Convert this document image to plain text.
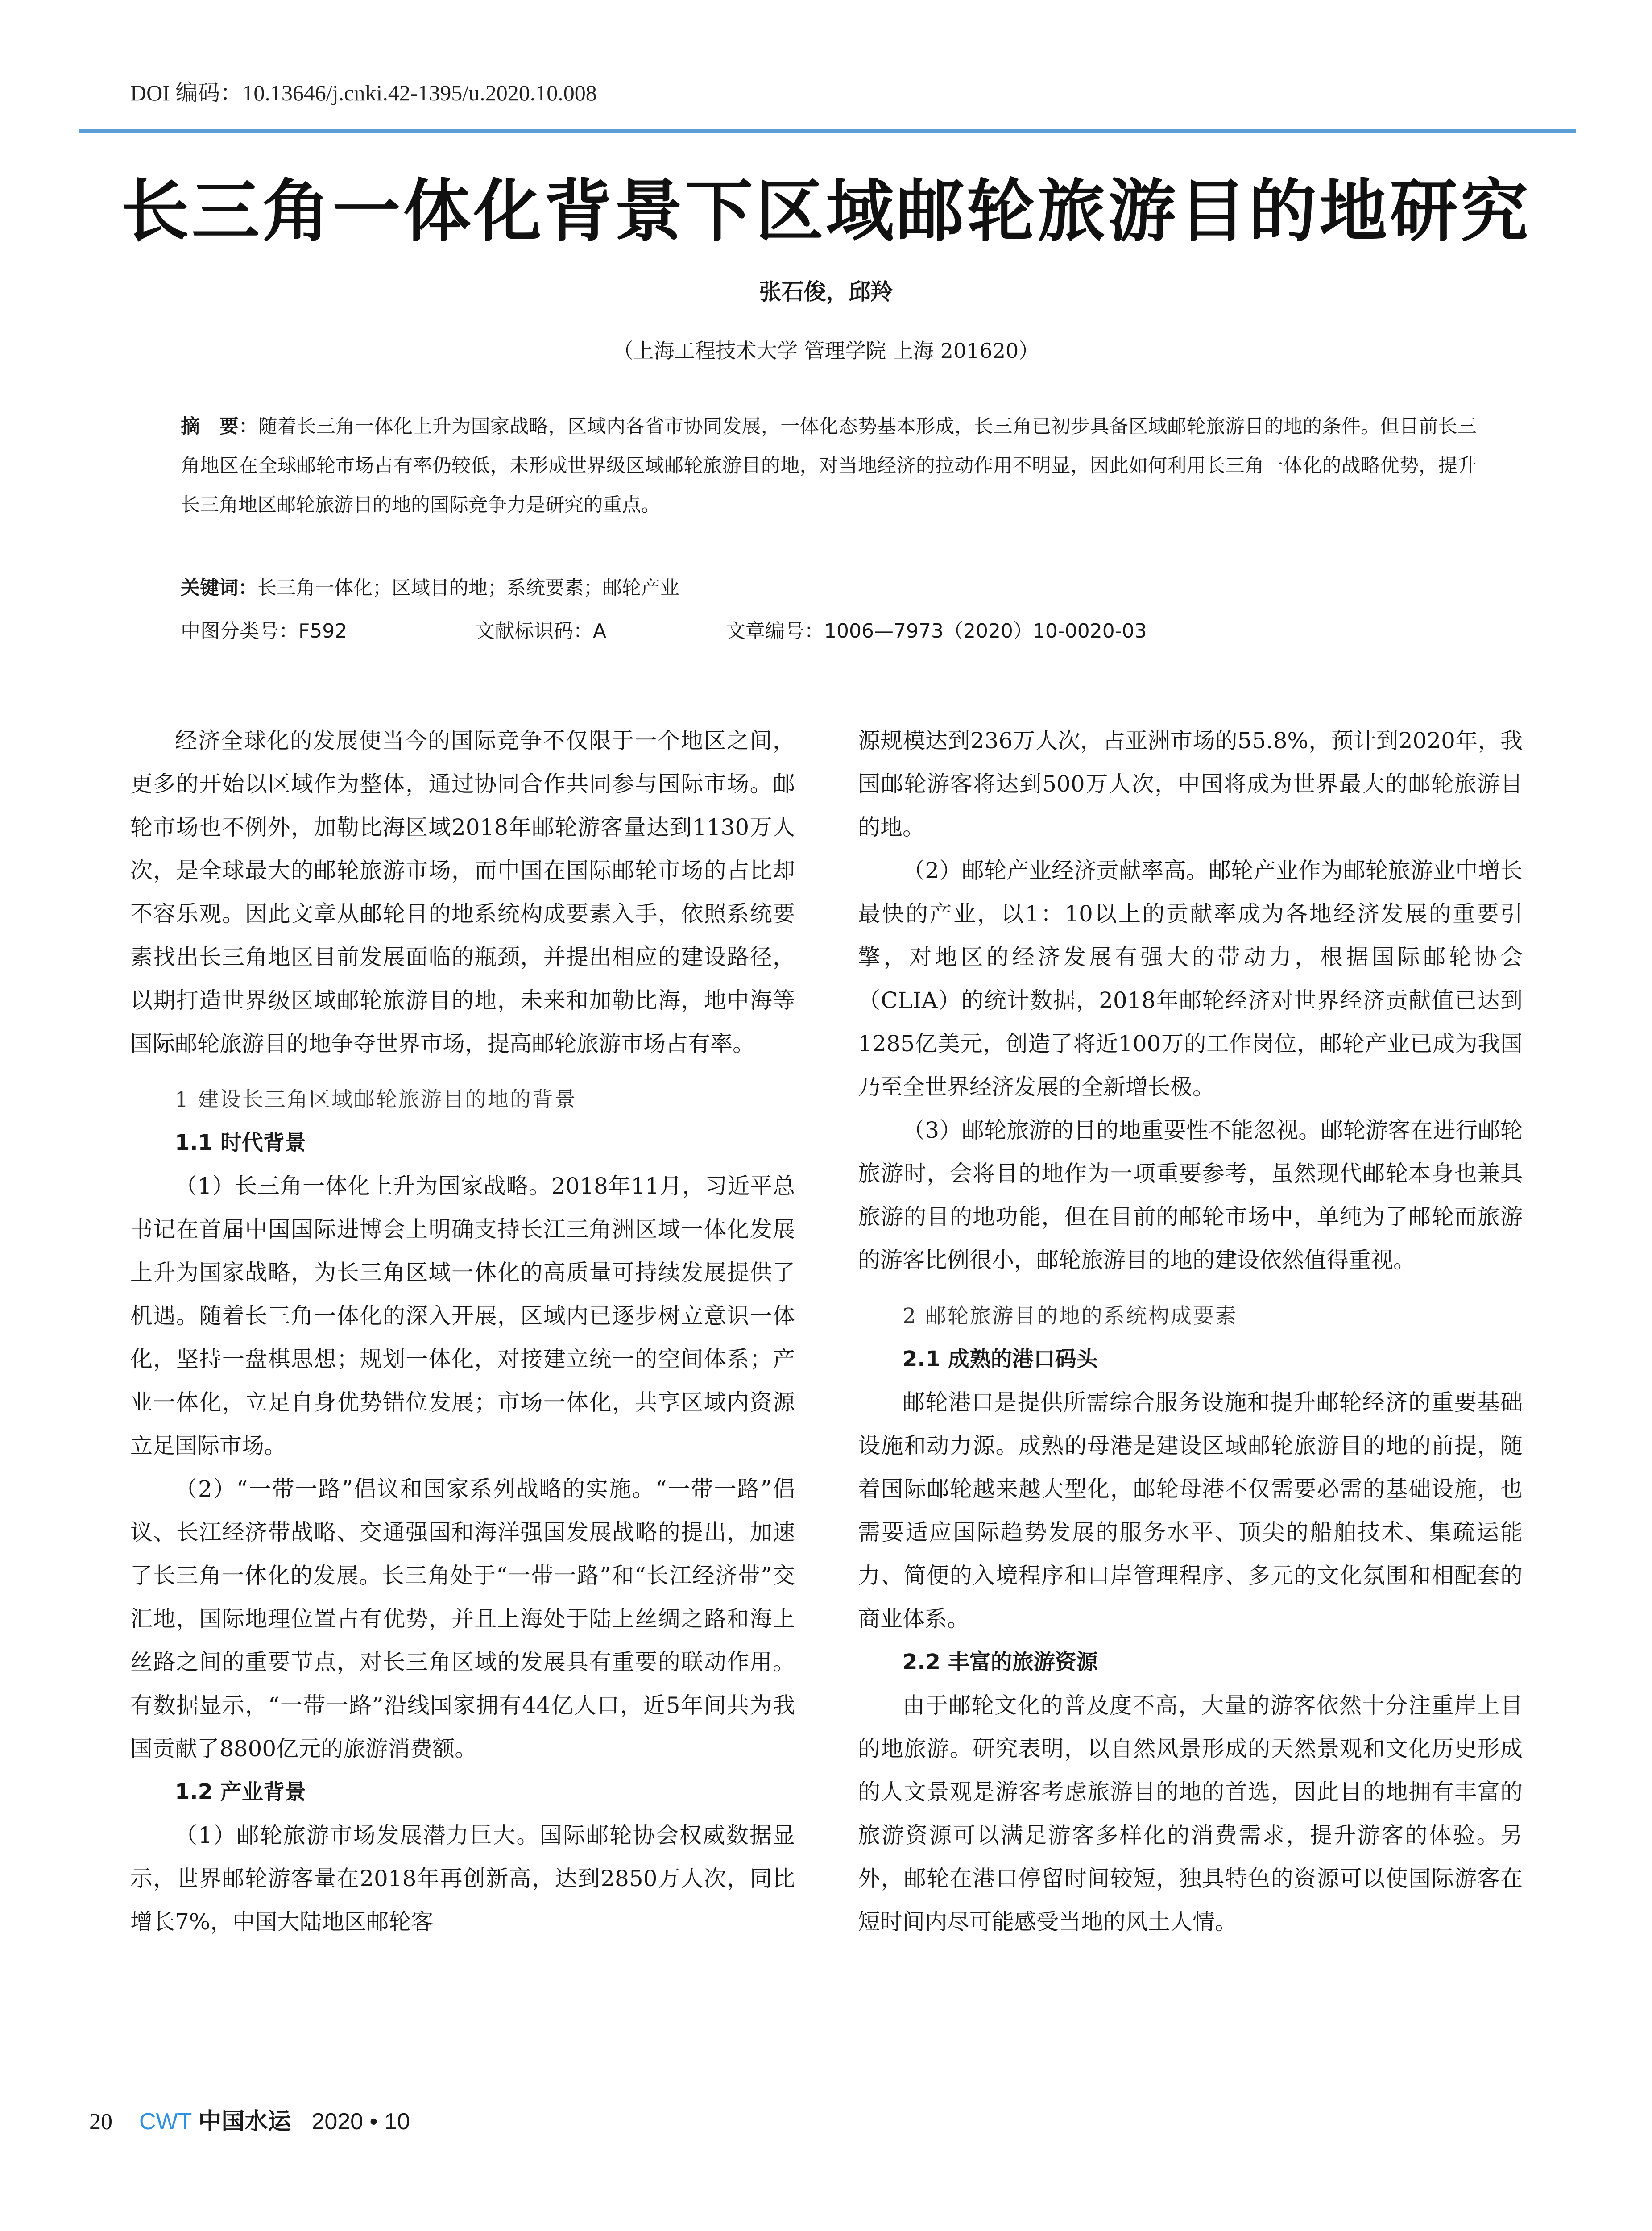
DOI 编码：10.13646/j.cnki.42-1395/u.2020.10.008
长三角一体化背景下区域邮轮旅游目的地研究
张石俊，邱羚
（上海工程技术大学 管理学院 上海 201620）
摘　要：随着长三角一体化上升为国家战略，区域内各省市协同发展，一体化态势基本形成，长三角已初步具备区域邮轮旅游目的地的条件。但目前长三角地区在全球邮轮市场占有率仍较低，未形成世界级区域邮轮旅游目的地，对当地经济的拉动作用不明显，因此如何利用长三角一体化的战略优势，提升长三角地区邮轮旅游目的地的国际竞争力是研究的重点。
关键词：长三角一体化；区域目的地；系统要素；邮轮产业
中图分类号：F592	文献标识码：A	文章编号：1006—7973（2020）10-0020-03

经济全球化的发展使当今的国际竞争不仅限于一个地区之间，更多的开始以区域作为整体，通过协同合作共同参与国际市场。邮轮市场也不例外，加勒比海区域2018年邮轮游客量达到1130万人次，是全球最大的邮轮旅游市场，而中国在国际邮轮市场的占比却不容乐观。因此文章从邮轮目的地系统构成要素入手，依照系统要素找出长三角地区目前发展面临的瓶颈，并提出相应的建设路径，以期打造世界级区域邮轮旅游目的地，未来和加勒比海，地中海等国际邮轮旅游目的地争夺世界市场，提高邮轮旅游市场占有率。

1 建设长三角区域邮轮旅游目的地的背景

1.1 时代背景

（1）长三角一体化上升为国家战略。2018年11月，习近平总书记在首届中国国际进博会上明确支持长江三角洲区域一体化发展上升为国家战略，为长三角区域一体化的高质量可持续发展提供了机遇。随着长三角一体化的深入开展，区域内已逐步树立意识一体化，坚持一盘棋思想；规划一体化，对接建立统一的空间体系；产业一体化，立足自身优势错位发展；市场一体化，共享区域内资源立足国际市场。

（2）“一带一路”倡议和国家系列战略的实施。“一带一路”倡议、长江经济带战略、交通强国和海洋强国发展战略的提出，加速了长三角一体化的发展。长三角处于“一带一路”和“长江经济带”交汇地，国际地理位置占有优势，并且上海处于陆上丝绸之路和海上丝路之间的重要节点，对长三角区域的发展具有重要的联动作用。有数据显示，“一带一路”沿线国家拥有44亿人口，近5年间共为我国贡献了8800亿元的旅游消费额。

1.2 产业背景

（1）邮轮旅游市场发展潜力巨大。国际邮轮协会权威数据显示，世界邮轮游客量在2018年再创新高，达到2850万人次，同比增长7%，中国大陆地区邮轮客

源规模达到236万人次，占亚洲市场的55.8%，预计到2020年，我国邮轮游客将达到500万人次，中国将成为世界最大的邮轮旅游目的地。

（2）邮轮产业经济贡献率高。邮轮产业作为邮轮旅游业中增长最快的产业，以1：10以上的贡献率成为各地经济发展的重要引擎，对地区的经济发展有强大的带动力，根据国际邮轮协会（CLIA）的统计数据，2018年邮轮经济对世界经济贡献值已达到1285亿美元，创造了将近100万的工作岗位，邮轮产业已成为我国乃至全世界经济发展的全新增长极。

（3）邮轮旅游的目的地重要性不能忽视。邮轮游客在进行邮轮旅游时，会将目的地作为一项重要参考，虽然现代邮轮本身也兼具旅游的目的地功能，但在目前的邮轮市场中，单纯为了邮轮而旅游的游客比例很小，邮轮旅游目的地的建设依然值得重视。

2 邮轮旅游目的地的系统构成要素

2.1 成熟的港口码头

邮轮港口是提供所需综合服务设施和提升邮轮经济的重要基础设施和动力源。成熟的母港是建设区域邮轮旅游目的地的前提，随着国际邮轮越来越大型化，邮轮母港不仅需要必需的基础设施，也需要适应国际趋势发展的服务水平、顶尖的船舶技术、集疏运能力、简便的入境程序和口岸管理程序、多元的文化氛围和相配套的商业体系。

2.2 丰富的旅游资源

由于邮轮文化的普及度不高，大量的游客依然十分注重岸上目的地旅游。研究表明，以自然风景形成的天然景观和文化历史形成的人文景观是游客考虑旅游目的地的首选，因此目的地拥有丰富的旅游资源可以满足游客多样化的消费需求，提升游客的体验。另外，邮轮在港口停留时间较短，独具特色的资源可以使国际游客在短时间内尽可能感受当地的风土人情。

20 CWT 中国水运 2020 • 10
